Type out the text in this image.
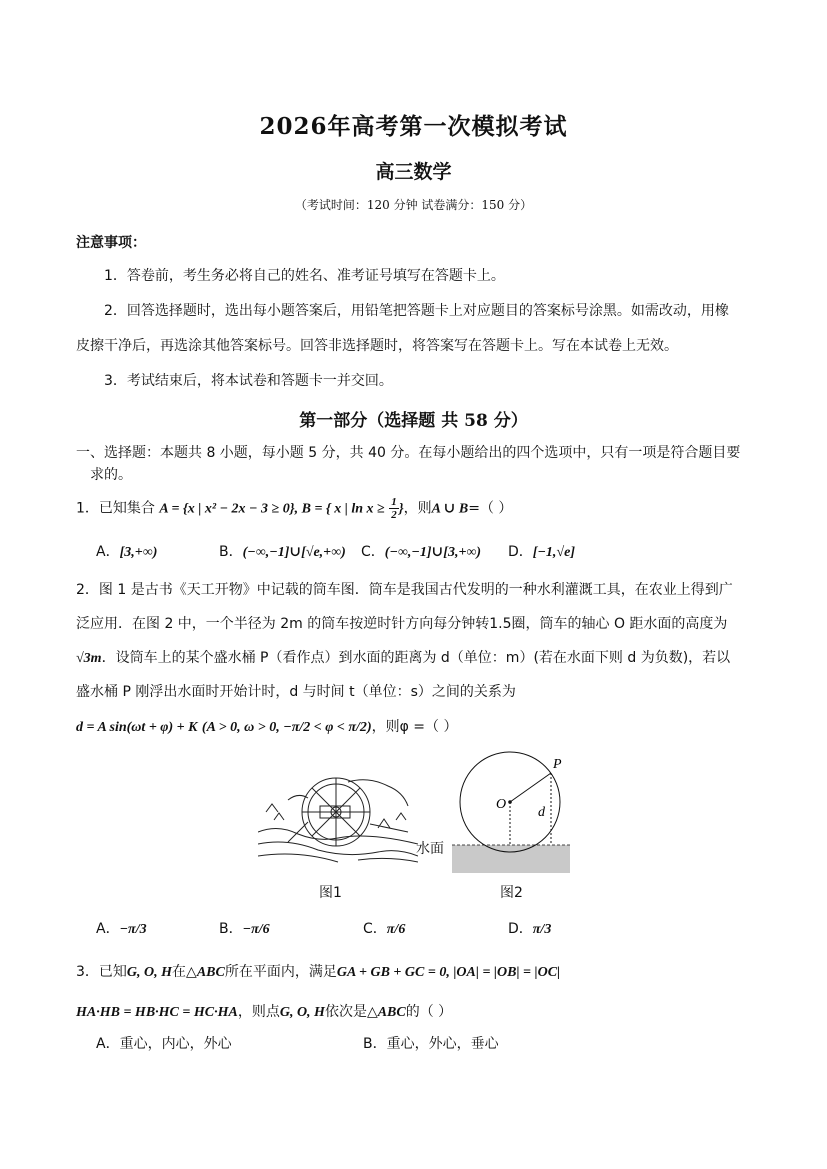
2026年高考第一次模拟考试
高三数学
（考试时间：120 分钟 试卷满分：150 分）
注意事项：
1．答卷前，考生务必将自己的姓名、准考证号填写在答题卡上。
2．回答选择题时，选出每小题答案后，用铅笔把答题卡上对应题目的答案标号涂黑。如需改动，用橡
皮擦干净后，再选涂其他答案标号。回答非选择题时，将答案写在答题卡上。写在本试卷上无效。
3．考试结束后，将本试卷和答题卡一并交回。
第一部分（选择题 共 58 分）
一、选择题：本题共 8 小题，每小题 5 分，共 40 分。在每小题给出的四个选项中，只有一项是符合题目要
求的。
1．已知集合 A = {x | x² − 2x − 3 ≥ 0}, B = { x | $\ln x \ge \frac{1}{2}$ }，则A ∪ B=（ ）
A．[3,+∞)	B．(−∞,−1]∪[√e,+∞) C．(−∞,−1]∪[3,+∞) D．[−1,√e]
2．图 1 是古书《天工开物》中记载的筒车图．筒车是我国古代发明的一种水利灌溉工具，在农业上得到广
泛应用．在图 2 中，一个半径为 2m 的筒车按逆时针方向每分钟转1.5圈，筒车的轴心 O 距水面的高度为
√3m．设筒车上的某个盛水桶 P（看作点）到水面的距离为 d（单位：m）(若在水面下则 d 为负数)，若以
盛水桶 P 刚浮出水面时开始计时，d 与时间 t（单位：s）之间的关系为
d = A sin(ωt + φ) + K (A > 0, ω > 0, −π/2 < φ < π/2)，则φ =（ ）
图1
O
P
d
水面
图2
A．−π/3	B．−π/6	C．π/6	D．π/3
3．已知G, O, H在△ABC所在平面内，满足GA + GB + GC = 0, |OA| = |OB| = |OC|
HA·HB = HB·HC = HC·HA，则点G, O, H依次是△ABC的（ ）
A．重心，内心，外心	B．重心，外心，垂心
